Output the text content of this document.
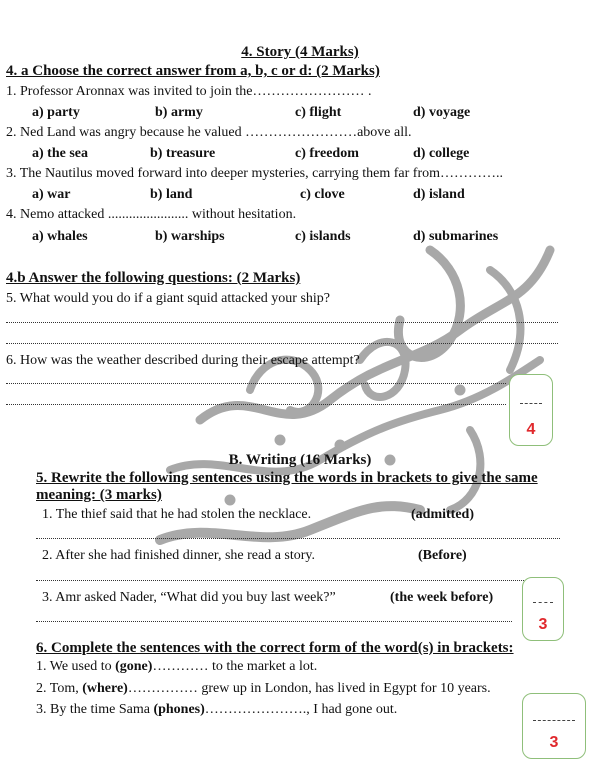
4. Story (4 Marks)
4. a Choose the correct answer from a, b, c or d: (2 Marks)
1. Professor Aronnax was invited to join the…………………… .
a) party	b) army	c) flight	d) voyage
2. Ned Land was angry because he valued ……………………above all.
a) the sea	b) treasure	c) freedom	d) college
3. The Nautilus moved forward into deeper mysteries, carrying them far from…………..
a) war	b) land	c) clove	d) island
4. Nemo attacked ....................... without hesitation.
a) whales	b) warships	c) islands	d) submarines
4.b Answer the following questions: (2 Marks)
5. What would you do if a giant squid attacked your ship?
6. How was the weather described during their escape attempt?
4
B. Writing (16 Marks)
5. Rewrite the following sentences using the words in brackets to give the same
meaning: (3 marks)
1. The thief said that he had stolen the necklace.	(admitted)
2. After she had finished dinner, she read a story.	(Before)
3. Amr asked Nader, “What did you buy last week?”	(the week before)
3
6. Complete the sentences with the correct form of the word(s) in brackets:
1. We used to (gone)………… to the market a lot.
2. Tom, (where)…………… grew up in London, has lived in Egypt for 10 years.
3. By the time Sama (phones)…………………., I had gone out.
3
